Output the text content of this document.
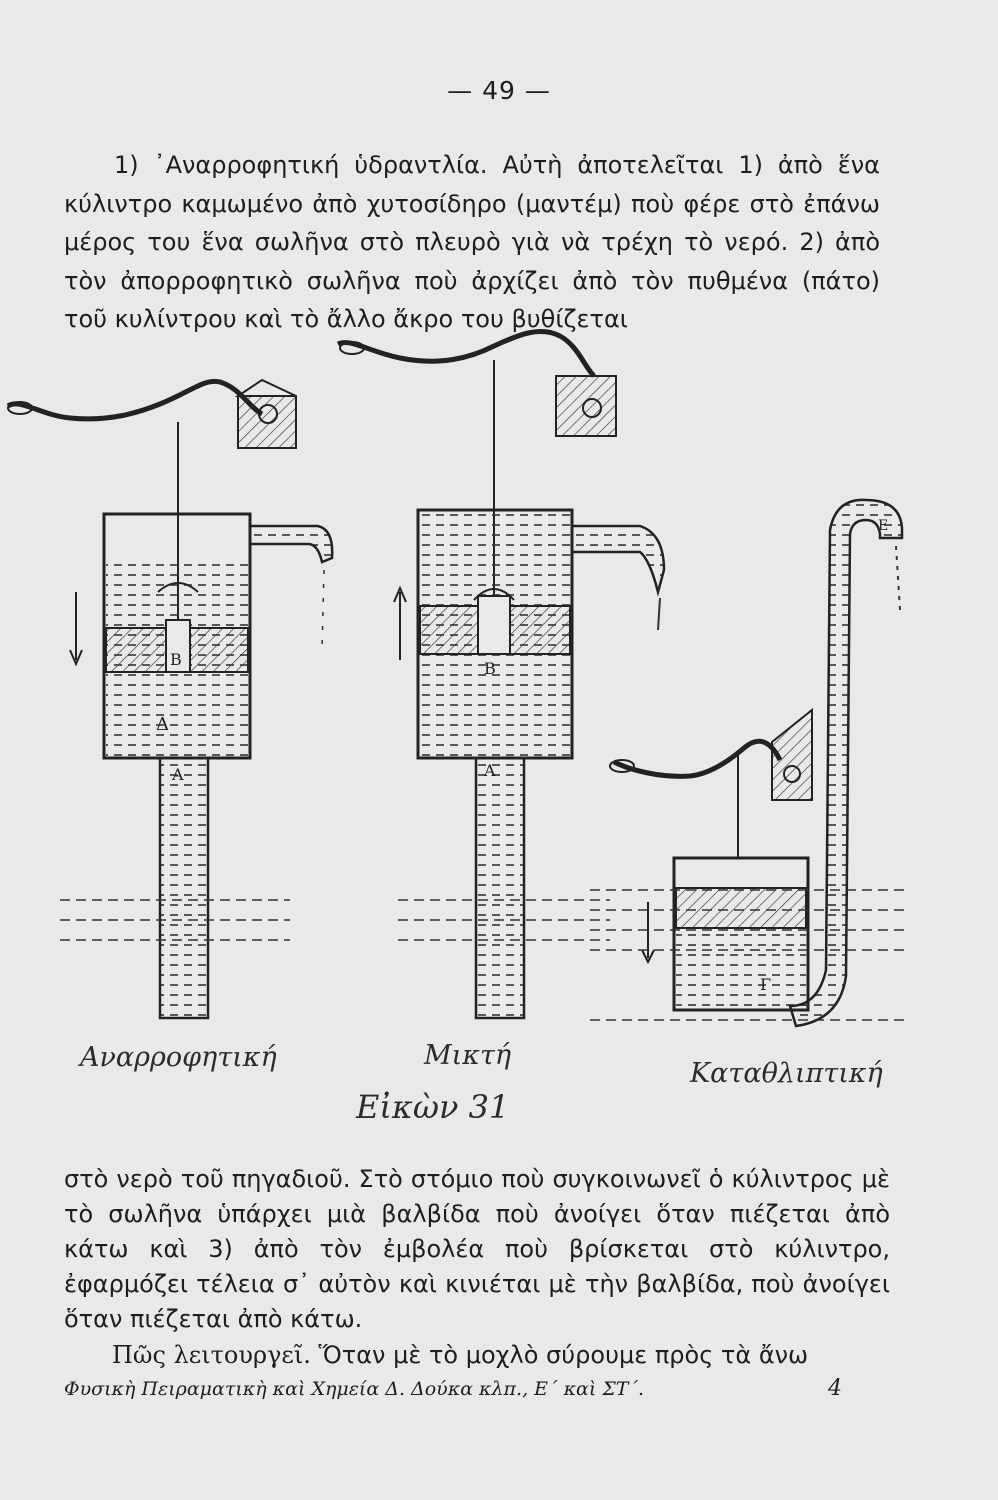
— 49 —
1) ᾿Αναρροφητική ὑδραντλία. Αὐτὴ ἀποτελεῖται 1) ἀπὸ ἕνα κύλιντρο καμωμένο ἀπὸ χυτοσίδηρο (μαντέμ) ποὺ φέρε στὸ ἐπάνω μέρος του ἕνα σωλῆνα στὸ πλευρὸ γιὰ νὰ τρέχη τὸ νερό. 2) ἀπὸ τὸν ἀπορροφητικὸ σωλῆνα ποὺ ἀρχίζει ἀπὸ τὸν πυθμένα (πάτο) τοῦ κυλίντρου καὶ τὸ ἄλλο ἄκρο του βυθίζεται
Δ
Α
Β
Α
Β
Ε
Γ
Αναρροφητική	Μικτή
Καταθλιπτική
Εἰκὼν 31
στὸ νερὸ τοῦ πηγαδιοῦ. Στὸ στόμιο ποὺ συγκοινωνεῖ ὁ κύλιντρος μὲ τὸ σωλῆνα ὑπάρχει μιὰ βαλβίδα ποὺ ἀνοίγει ὅταν πιέζεται ἀπὸ κάτω καὶ 3) ἀπὸ τὸν ἐμβολέα ποὺ βρίσκεται στὸ κύλιντρο, ἐφαρμόζει τέλεια σ᾿ αὐτὸν καὶ κινιέται μὲ τὴν βαλβίδα, ποὺ ἀνοίγει ὅταν πιέζεται ἀπὸ κάτω.
Πῶς λειτουργεῖ. Ὅταν μὲ τὸ μοχλὸ σύρουμε πρὸς τὰ ἄνω
Φυσικὴ Πειραματικὴ καὶ Χημεία Δ. Δούκα κλπ., Ε΄ καὶ ΣΤ΄.	4
